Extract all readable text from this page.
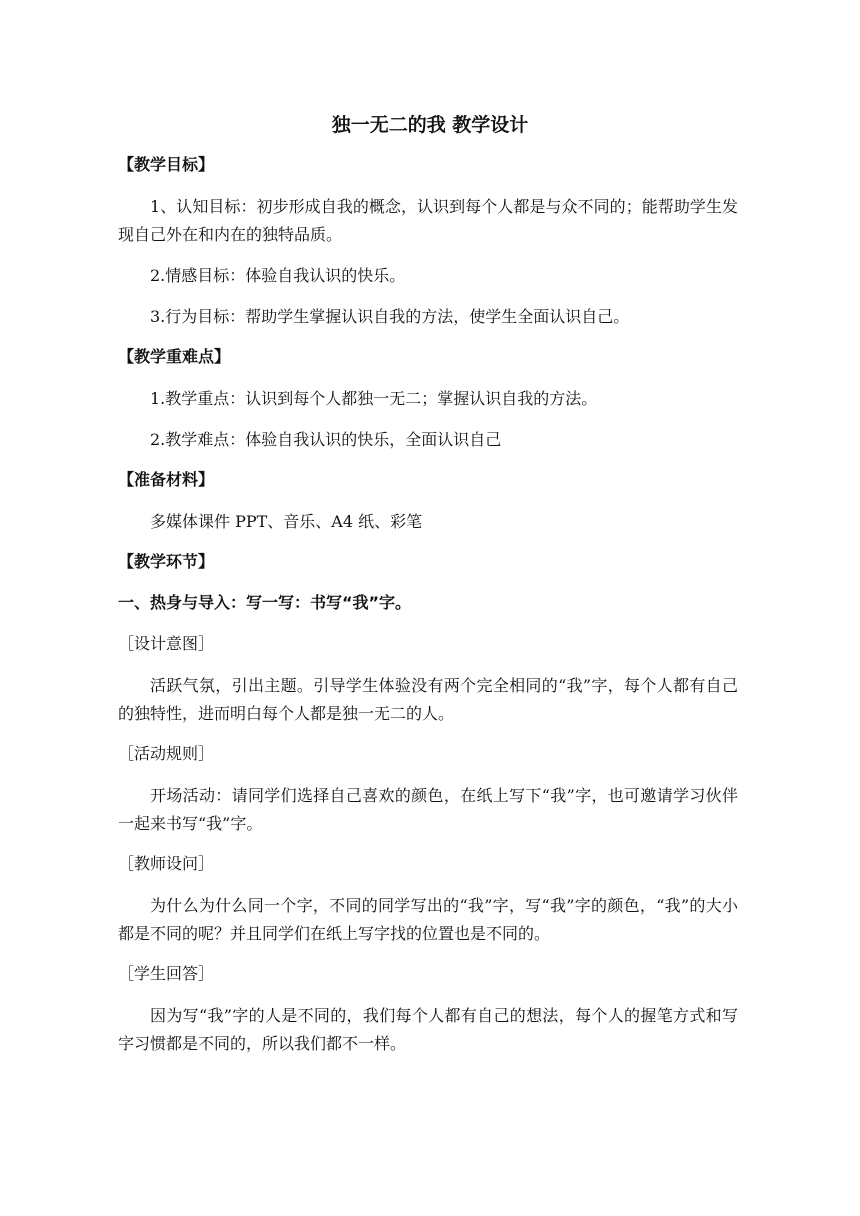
独一无二的我 教学设计
【教学目标】

1、认知目标：初步形成自我的概念，认识到每个人都是与众不同的；能帮助学生发现自己外在和内在的独特品质。

2.情感目标：体验自我认识的快乐。

3.行为目标：帮助学生掌握认识自我的方法，使学生全面认识自己。

【教学重难点】

1.教学重点：认识到每个人都独一无二；掌握认识自我的方法。

2.教学难点：体验自我认识的快乐，全面认识自己

【准备材料】

多媒体课件 PPT、音乐、A4 纸、彩笔

【教学环节】
一、热身与导入：写一写：书写“我”字。
［设计意图］

活跃气氛，引出主题。引导学生体验没有两个完全相同的“我”字，每个人都有自己的独特性，进而明白每个人都是独一无二的人。

［活动规则］

开场活动：请同学们选择自己喜欢的颜色，在纸上写下“我”字，也可邀请学习伙伴一起来书写“我”字。

［教师设问］

为什么为什么同一个字，不同的同学写出的“我”字，写“我”字的颜色，“我”的大小都是不同的呢？并且同学们在纸上写字找的位置也是不同的。

［学生回答］

因为写“我”字的人是不同的，我们每个人都有自己的想法，每个人的握笔方式和写字习惯都是不同的，所以我们都不一样。
